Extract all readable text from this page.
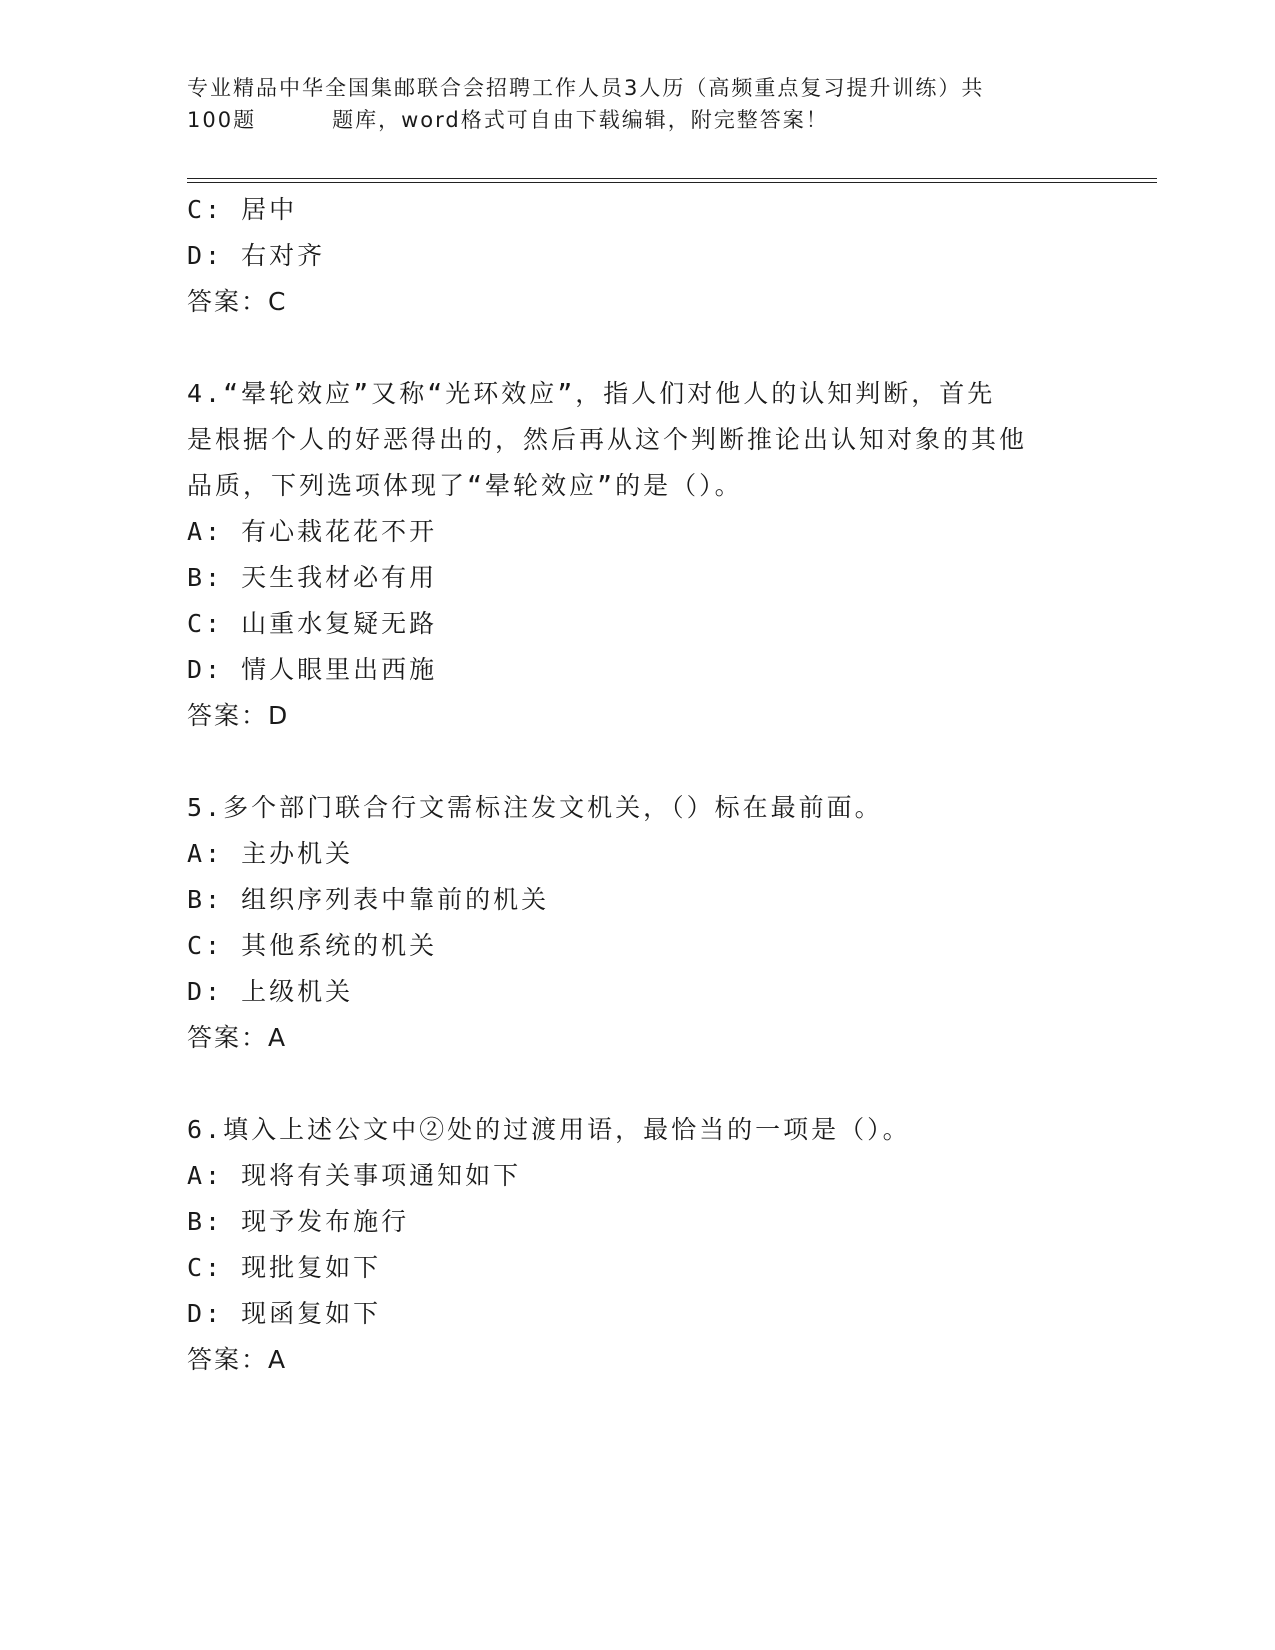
专业精品中华全国集邮联合会招聘工作人员3人历（高频重点复习提升训练）共
100题	题库，word格式可自由下载编辑，附完整答案！
C: 居中
D: 右对齐
答案：C
4.“晕轮效应”又称“光环效应”，指人们对他人的认知判断，首先
是根据个人的好恶得出的，然后再从这个判断推论出认知对象的其他
品质，下列选项体现了“晕轮效应”的是（）。
A: 有心栽花花不开
B: 天生我材必有用
C: 山重水复疑无路
D: 情人眼里出西施
答案：D
5.多个部门联合行文需标注发文机关，（）标在最前面。
A: 主办机关
B: 组织序列表中靠前的机关
C: 其他系统的机关
D: 上级机关
答案：A
6.填入上述公文中②处的过渡用语，最恰当的一项是（）。
A: 现将有关事项通知如下
B: 现予发布施行
C: 现批复如下
D: 现函复如下
答案：A
